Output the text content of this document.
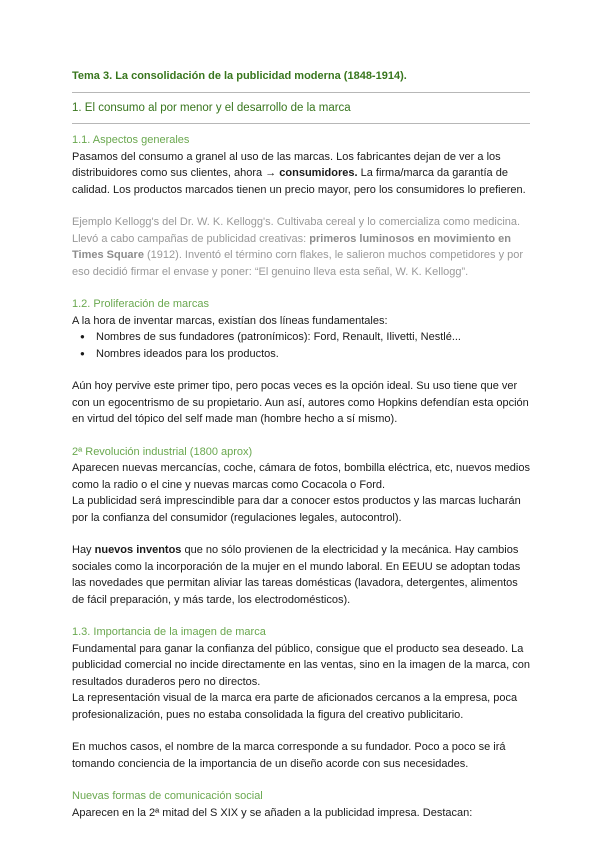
Tema 3. La consolidación de la publicidad moderna (1848-1914).
1. El consumo al por menor y el desarrollo de la marca
1.1. Aspectos generales

Pasamos del consumo a granel al uso de las marcas. Los fabricantes dejan de ver a los distribuidores como sus clientes, ahora → consumidores. La firma/marca da garantía de calidad. Los productos marcados tienen un precio mayor, pero los consumidores lo prefieren.

Ejemplo Kellogg's del Dr. W. K. Kellogg's. Cultivaba cereal y lo comercializa como medicina. Llevó a cabo campañas de publicidad creativas: primeros luminosos en movimiento en Times Square (1912). Inventó el término corn flakes, le salieron muchos competidores y por eso decidió firmar el envase y poner: “El genuino lleva esta señal, W. K. Kellogg”.

1.2. Proliferación de marcas

A la hora de inventar marcas, existían dos líneas fundamentales:

● Nombres de sus fundadores (patronímicos): Ford, Renault, Ilivetti, Nestlé...
● Nombres ideados para los productos.

Aún hoy pervive este primer tipo, pero pocas veces es la opción ideal. Su uso tiene que ver con un egocentrismo de su propietario. Aun así, autores como Hopkins defendían esta opción en virtud del tópico del self made man (hombre hecho a sí mismo).

2ª Revolución industrial (1800 aprox)

Aparecen nuevas mercancías, coche, cámara de fotos, bombilla eléctrica, etc, nuevos medios como la radio o el cine y nuevas marcas como Cocacola o Ford.

La publicidad será imprescindible para dar a conocer estos productos y las marcas lucharán por la confianza del consumidor (regulaciones legales, autocontrol).

Hay nuevos inventos que no sólo provienen de la electricidad y la mecánica. Hay cambios sociales como la incorporación de la mujer en el mundo laboral. En EEUU se adoptan todas las novedades que permitan aliviar las tareas domésticas (lavadora, detergentes, alimentos de fácil preparación, y más tarde, los electrodomésticos).

1.3. Importancia de la imagen de marca

Fundamental para ganar la confianza del público, consigue que el producto sea deseado. La publicidad comercial no incide directamente en las ventas, sino en la imagen de la marca, con resultados duraderos pero no directos.

La representación visual de la marca era parte de aficionados cercanos a la empresa, poca profesionalización, pues no estaba consolidada la figura del creativo publicitario.

En muchos casos, el nombre de la marca corresponde a su fundador. Poco a poco se irá tomando conciencia de la importancia de un diseño acorde con sus necesidades.

Nuevas formas de comunicación social

Aparecen en la 2ª mitad del S XIX y se añaden a la publicidad impresa. Destacan:
